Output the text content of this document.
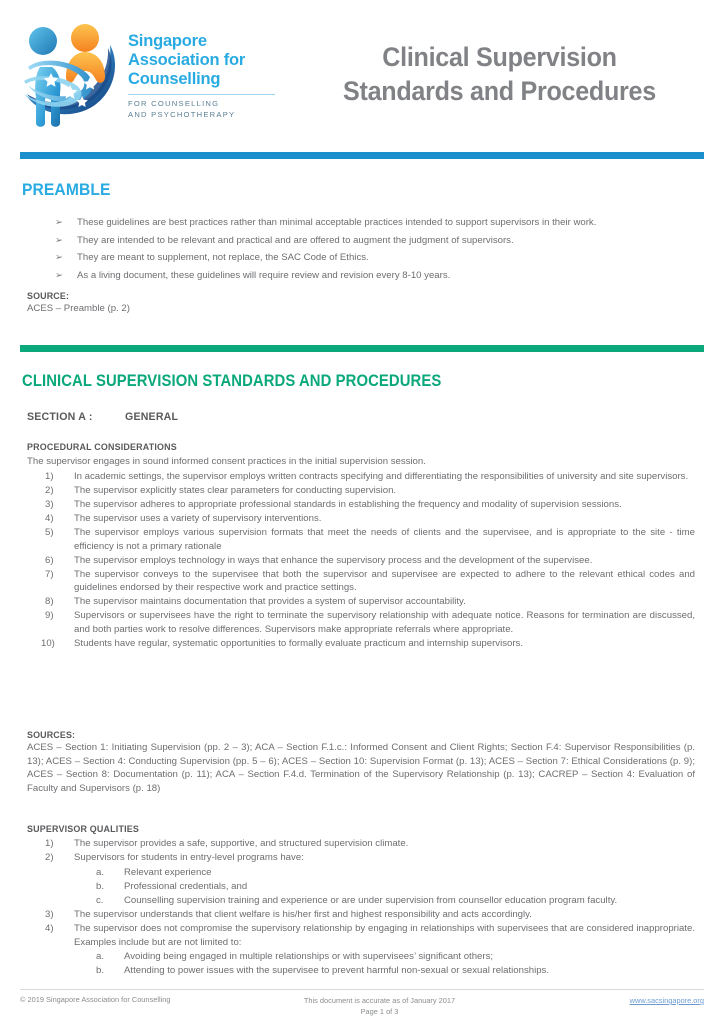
Singapore
Association for
Counselling
FOR COUNSELLING
AND PSYCHOTHERAPY
Clinical Supervision
Standards and Procedures
PREAMBLE
➢ These guidelines are best practices rather than minimal acceptable practices intended to support supervisors in their work.
➢ They are intended to be relevant and practical and are offered to augment the judgment of supervisors.
➢ They are meant to supplement, not replace, the SAC Code of Ethics.
➢ As a living document, these guidelines will require review and revision every 8-10 years.
SOURCE:
ACES – Preamble (p. 2)
CLINICAL SUPERVISION STANDARDS AND PROCEDURES
SECTION A :	GENERAL
PROCEDURAL CONSIDERATIONS
The supervisor engages in sound informed consent practices in the initial supervision session.
1)	In academic settings, the supervisor employs written contracts specifying and differentiating the responsibilities of university and site supervisors.
2)	The supervisor explicitly states clear parameters for conducting supervision.
3)	The supervisor adheres to appropriate professional standards in establishing the frequency and modality of supervision sessions.
4)	The supervisor uses a variety of supervisory interventions.
5)	The supervisor employs various supervision formats that meet the needs of clients and the supervisee, and is appropriate to the site - time efficiency is not a primary rationale
6)	The supervisor employs technology in ways that enhance the supervisory process and the development of the supervisee.
7)	The supervisor conveys to the supervisee that both the supervisor and supervisee are expected to adhere to the relevant ethical codes and guidelines endorsed by their respective work and practice settings.
8)	The supervisor maintains documentation that provides a system of supervisor accountability.
9)	Supervisors or supervisees have the right to terminate the supervisory relationship with adequate notice. Reasons for termination are discussed, and both parties work to resolve differences. Supervisors make appropriate referrals where appropriate.
10)	Students have regular, systematic opportunities to formally evaluate practicum and internship supervisors.
SOURCES:
ACES – Section 1: Initiating Supervision (pp. 2 – 3); ACA – Section F.1.c.: Informed Consent and Client Rights; Section F.4: Supervisor Responsibilities (p. 13); ACES – Section 4: Conducting Supervision (pp. 5 – 6); ACES – Section 10: Supervision Format (p. 13); ACES – Section 7: Ethical Considerations (p. 9); ACES – Section 8: Documentation (p. 11); ACA – Section F.4.d. Termination of the Supervisory Relationship (p. 13); CACREP – Section 4: Evaluation of Faculty and Supervisors (p. 18)
SUPERVISOR QUALITIES
1)	The supervisor provides a safe, supportive, and structured supervision climate.
2)	Supervisors for students in entry-level programs have:
a. Relevant experience
b. Professional credentials, and
c. Counselling supervision training and experience or are under supervision from counsellor education program faculty.
3)	The supervisor understands that client welfare is his/her first and highest responsibility and acts accordingly.
4)	The supervisor does not compromise the supervisory relationship by engaging in relationships with supervisees that are considered inappropriate. Examples include but are not limited to:
a. Avoiding being engaged in multiple relationships or with supervisees’ significant others;
b. Attending to power issues with the supervisee to prevent harmful non-sexual or sexual relationships.
© 2019 Singapore Association for Counselling	This document is accurate as of January 2017
Page 1 of 3
www.sacsingapore.org
